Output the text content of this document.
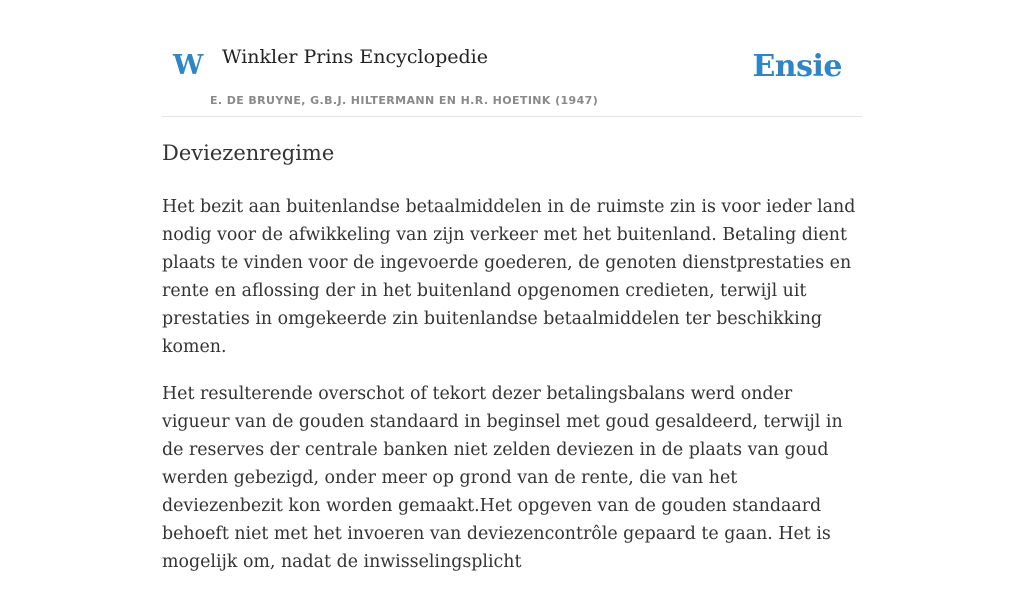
W Winkler Prins Encyclopedie
E. DE BRUYNE, G.B.J. HILTERMANN EN H.R. HOETINK (1947)
Ensie
Deviezenregime

Het bezit aan buitenlandse betaalmiddelen in de ruimste zin is voor ieder land nodig voor de afwikkeling van zijn verkeer met het buitenland. Betaling dient plaats te vinden voor de ingevoerde goederen, de genoten dienstprestaties en rente en aflossing der in het buitenland opgenomen credieten, terwijl uit prestaties in omgekeerde zin buitenlandse betaalmiddelen ter beschikking komen.

Het resulterende overschot of tekort dezer betalingsbalans werd onder vigueur van de gouden standaard in beginsel met goud gesaldeerd, terwijl in de reserves der centrale banken niet zelden deviezen in de plaats van goud werden gebezigd, onder meer op grond van de rente, die van het deviezenbezit kon worden gemaakt.Het opgeven van de gouden standaard behoeft niet met het invoeren van deviezencontrôle gepaard te gaan. Het is mogelijk om, nadat de inwisselingsplicht
